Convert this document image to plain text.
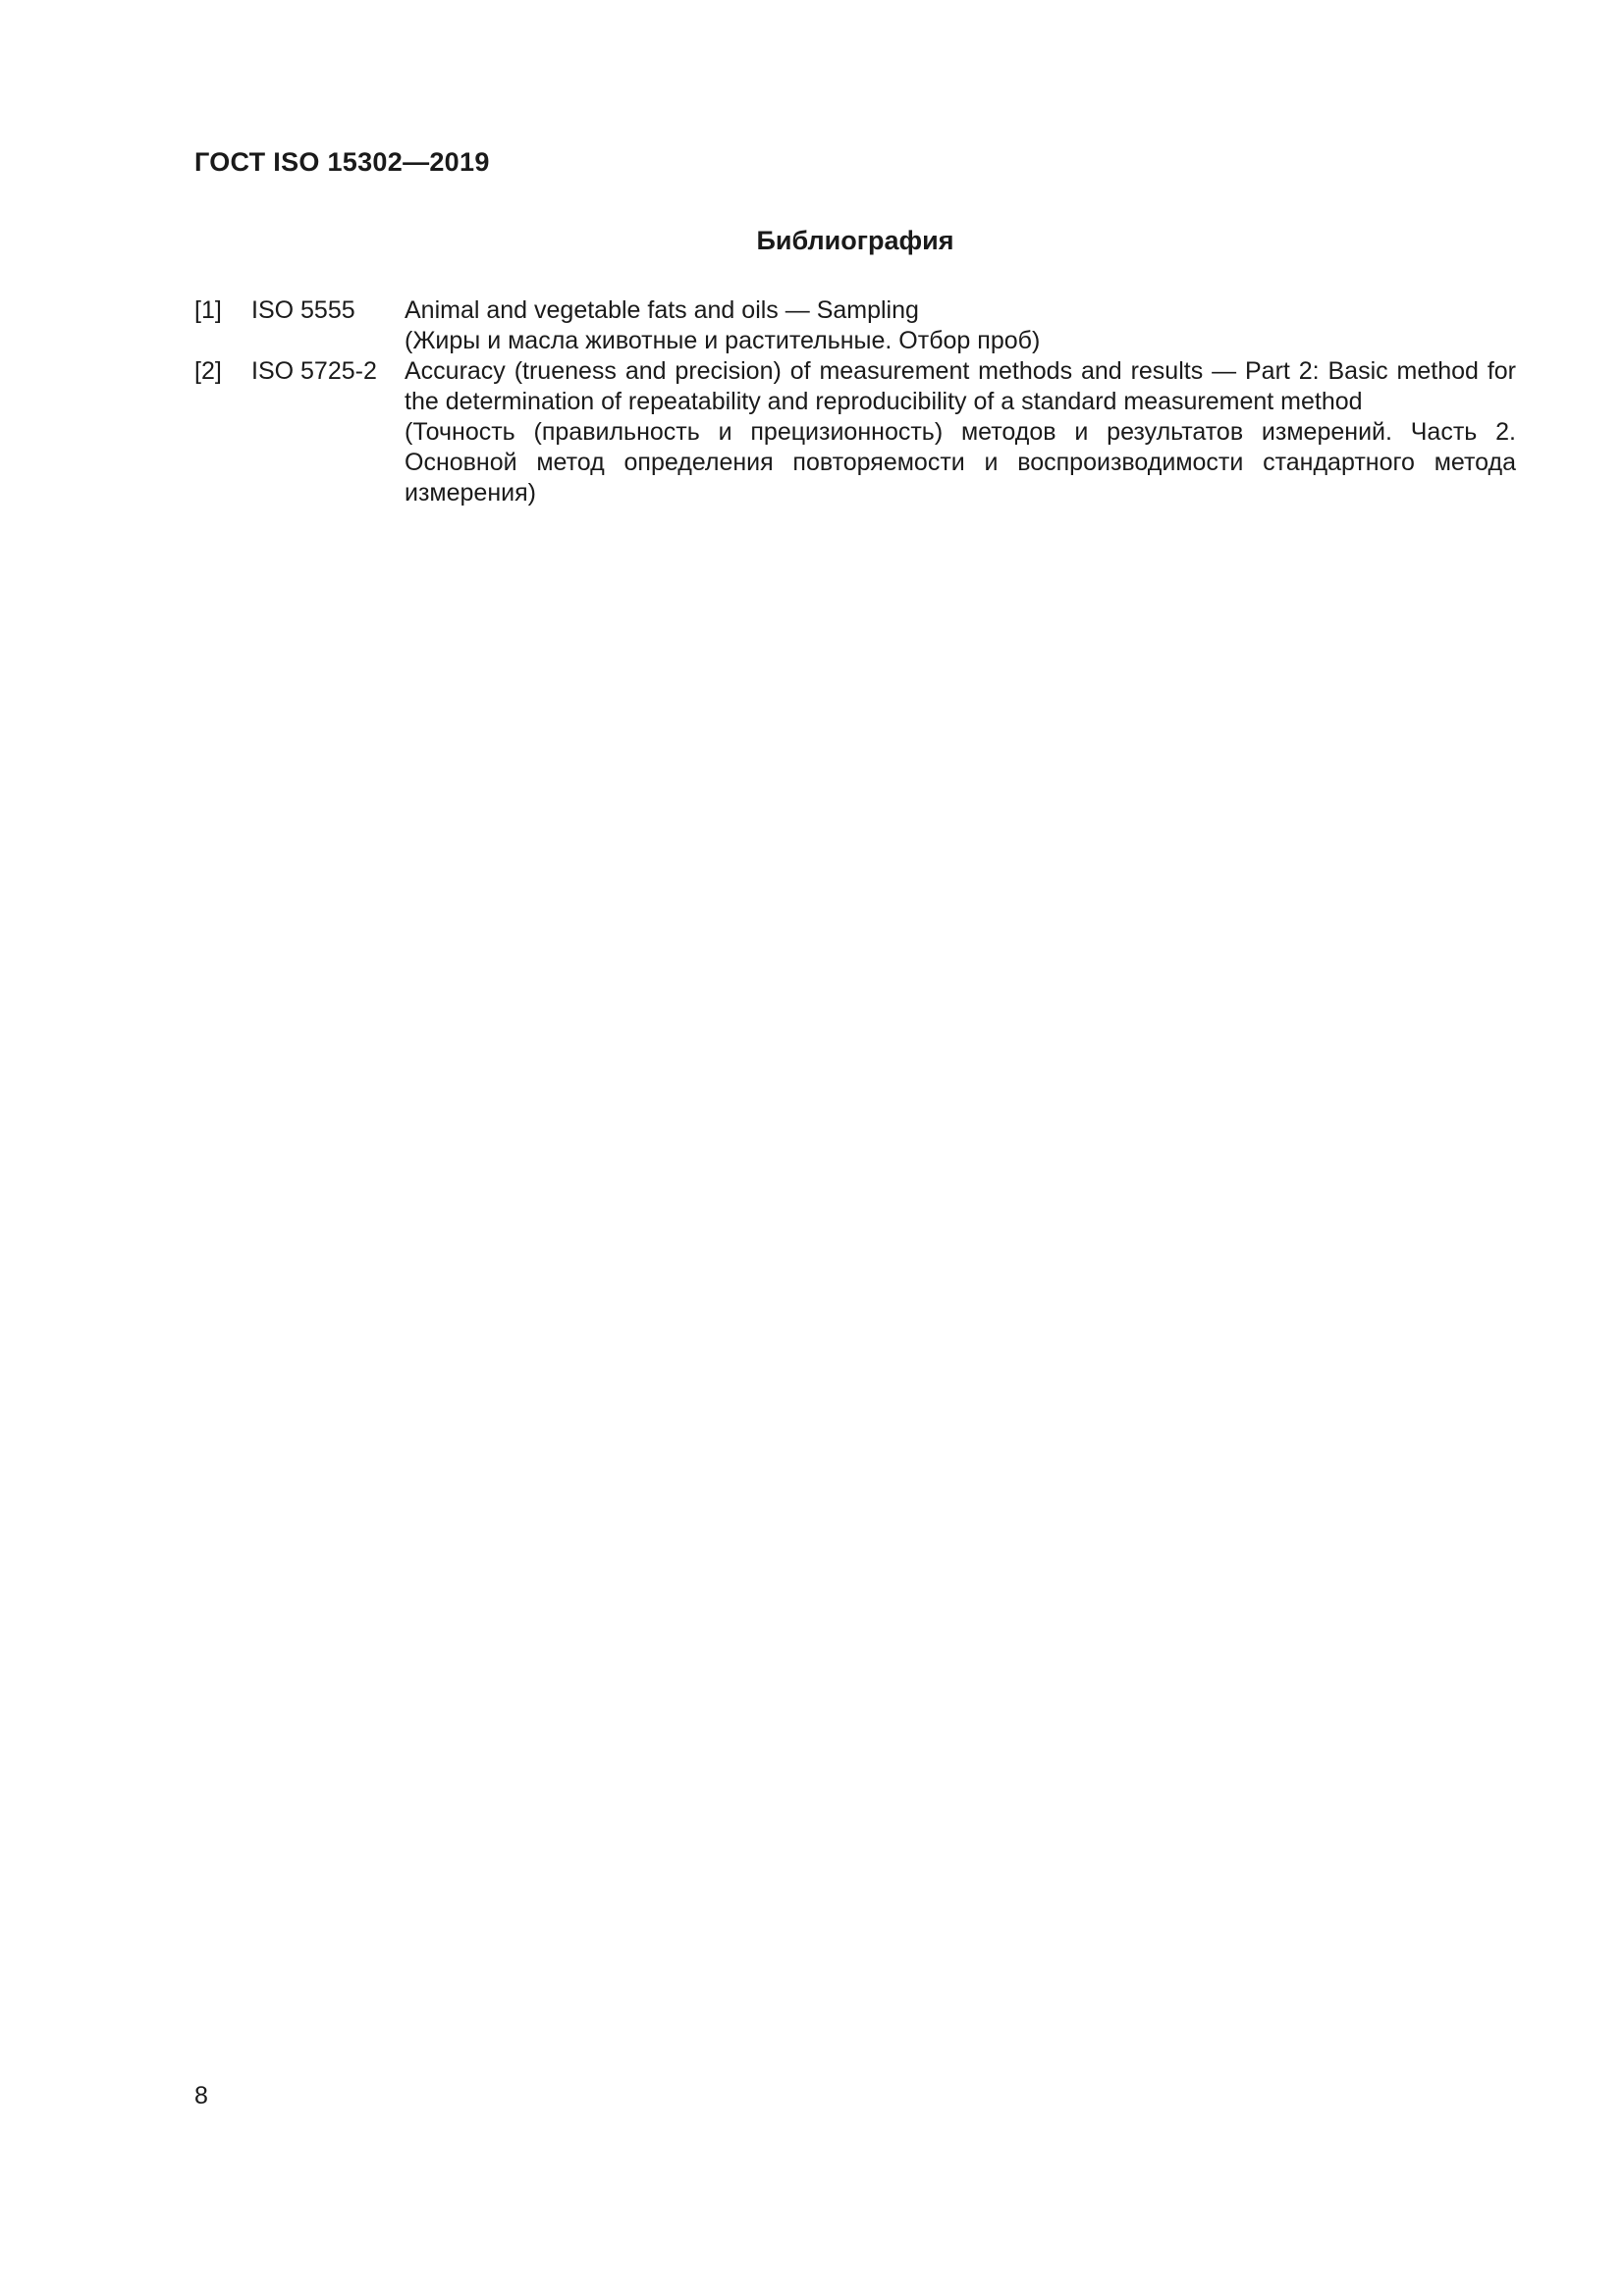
ГОСТ ISO 15302—2019
Библиография
[1]	ISO 5555	Animal and vegetable fats and oils — Sampling
(Жиры и масла животные и растительные. Отбор проб)
[2]	ISO 5725-2	Accuracy (trueness and precision) of measurement methods and results — Part 2: Basic method for the determination of repeatability and reproducibility of a standard measurement method
(Точность (правильность и прецизионность) методов и результатов измерений. Часть 2. Основной метод определения повторяемости и воспроизводимости стандартного метода измерения)
8
